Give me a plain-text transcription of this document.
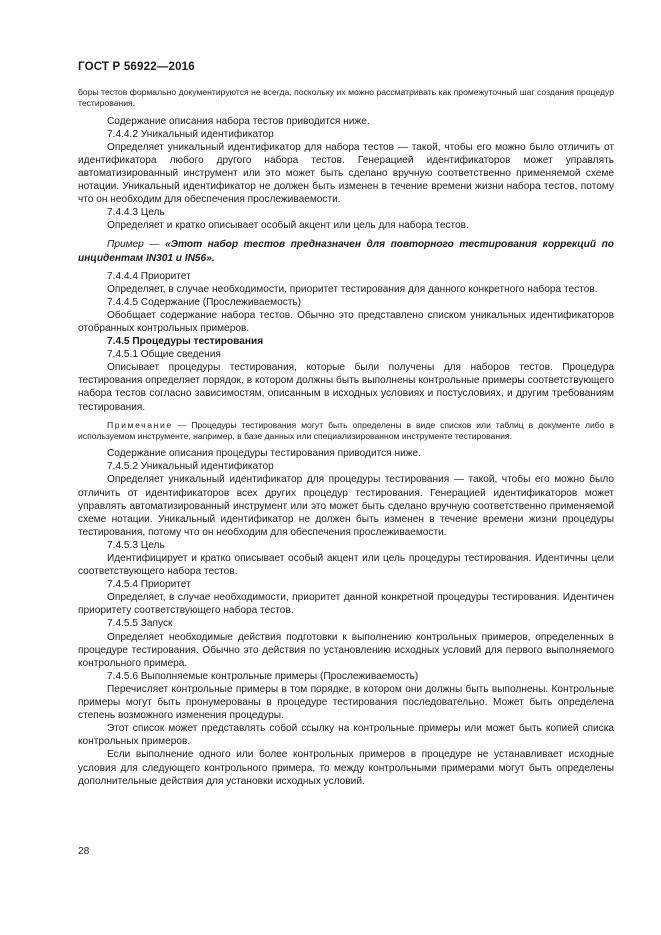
ГОСТ Р 56922—2016

боры тестов формально документируются не всегда, поскольку их можно рассматривать как промежуточный шаг создания процедур тестирования.

Содержание описания набора тестов приводится ниже.

7.4.4.2 Уникальный идентификатор

Определяет уникальный идентификатор для набора тестов — такой, чтобы его можно было отличить от идентификатора любого другого набора тестов. Генерацией идентификаторов может управлять автоматизированный инструмент или это может быть сделано вручную соответственно применяемой схеме нотации. Уникальный идентификатор не должен быть изменен в течение времени жизни набора тестов, потому что он необходим для обеспечения прослеживаемости.

7.4.4.3 Цель

Определяет и кратко описывает особый акцент или цель для набора тестов.

Пример — «Этот набор тестов предназначен для повторного тестирования коррекций по инцидентам IN301 и IN56».

7.4.4.4 Приоритет

Определяет, в случае необходимости, приоритет тестирования для данного конкретного набора тестов.

7.4.4.5 Содержание (Прослеживаемость)

Обобщает содержание набора тестов. Обычно это представлено списком уникальных идентификаторов отобранных контрольных примеров.

7.4.5 Процедуры тестирования

7.4.5.1 Общие сведения

Описывает процедуры тестирования, которые были получены для наборов тестов. Процедура тестирования определяет порядок, в котором должны быть выполнены контрольные примеры соответствующего набора тестов согласно зависимостям, описанным в исходных условиях и постусловиях, и другим требованиям тестирования.

Примечание — Процедуры тестирования могут быть определены в виде списков или таблиц в документе либо в используемом инструменте, например, в базе данных или специализированном инструменте тестирования.

Содержание описания процедуры тестирования приводится ниже.

7.4.5.2 Уникальный идентификатор

Определяет уникальный идентификатор для процедуры тестирования — такой, чтобы его можно было отличить от идентификаторов всех других процедур тестирования. Генерацией идентификаторов может управлять автоматизированный инструмент или это может быть сделано вручную соответственно применяемой схеме нотации. Уникальный идентификатор не должен быть изменен в течение времени жизни процедуры тестирования, потому что он необходим для обеспечения прослеживаемости.

7.4.5.3 Цель

Идентифицирует и кратко описывает особый акцент или цель процедуры тестирования. Идентичны цели соответствующего набора тестов.

7.4.5.4 Приоритет

Определяет, в случае необходимости, приоритет данной конкретной процедуры тестирования. Идентичен приоритету соответствующего набора тестов.

7.4.5.5 Запуск

Определяет необходимые действия подготовки к выполнению контрольных примеров, определенных в процедуре тестирования. Обычно это действия по установлению исходных условий для первого выполняемого контрольного примера.

7.4.5.6 Выполняемые контрольные примеры (Прослеживаемость)

Перечисляет контрольные примеры в том порядке, в котором они должны быть выполнены. Контрольные примеры могут быть пронумерованы в процедуре тестирования последовательно. Может быть определена степень возможного изменения процедуры.

Этот список может представлять собой ссылку на контрольные примеры или может быть копией списка контрольных примеров.

Если выполнение одного или более контрольных примеров в процедуре не устанавливает исходные условия для следующего контрольного примера, то между контрольными примерами могут быть определены дополнительные действия для установки исходных условий.

28
